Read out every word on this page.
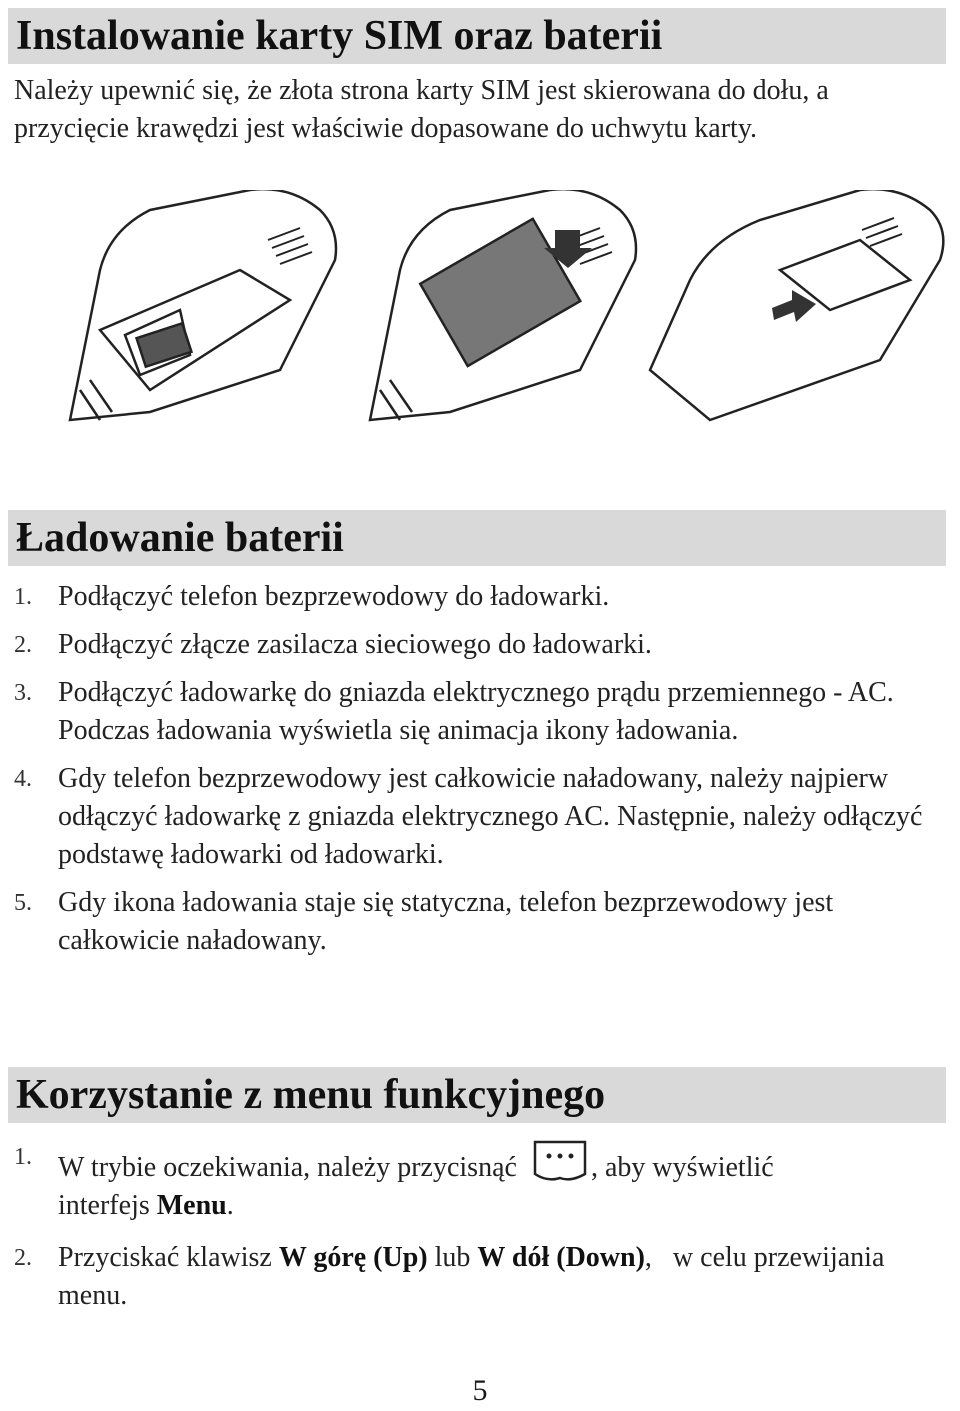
Instalowanie karty SIM oraz baterii
Należy upewnić się, że złota strona karty SIM jest skierowana do dołu, a przycięcie krawędzi jest właściwie dopasowane do uchwytu karty.
Ładowanie baterii
1. Podłączyć telefon bezprzewodowy do ładowarki.
2. Podłączyć złącze zasilacza sieciowego do ładowarki.
3. Podłączyć ładowarkę do gniazda elektrycznego prądu przemiennego - AC. Podczas ładowania wyświetla się animacja ikony ładowania.
4. Gdy telefon bezprzewodowy jest całkowicie naładowany, należy najpierw odłączyć ładowarkę z gniazda elektrycznego AC. Następnie, należy odłączyć podstawę ładowarki od ładowarki.
5. Gdy ikona ładowania staje się statyczna, telefon bezprzewodowy jest całkowicie naładowany.
Korzystanie z menu funkcyjnego
1. W trybie oczekiwania, należy przycisnąć	, aby wyświetlić
interfejs Menu.
2. Przyciskać klawisz W górę (Up) lub W dół (Down),   w celu przewijania menu.
5
